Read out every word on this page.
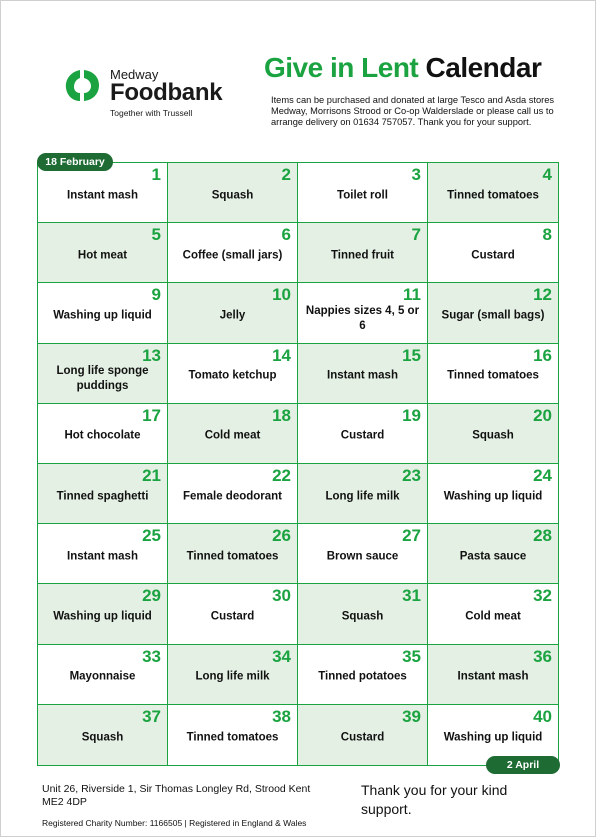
Medway
Foodbank
Together with Trussell
Give in Lent Calendar
Items can be purchased and donated at large Tesco and Asda stores Medway, Morrisons Strood or Co-op Walderslade or please call us to arrange delivery on 01634 757057. Thank you for your support.
1
Instant mash
2
Squash
3
Toilet roll
4
Tinned tomatoes
5
Hot meat
6
Coffee (small jars)
7
Tinned fruit
8
Custard
9
Washing up liquid
10
Jelly
11
Nappies sizes 4, 5 or 6
12
Sugar (small bags)
13
Long life sponge puddings
14
Tomato ketchup
15
Instant mash
16
Tinned tomatoes
17
Hot chocolate
18
Cold meat
19
Custard
20
Squash
21
Tinned spaghetti
22
Female deodorant
23
Long life milk
24
Washing up liquid
25
Instant mash
26
Tinned tomatoes
27
Brown sauce
28
Pasta sauce
29
Washing up liquid
30
Custard
31
Squash
32
Cold meat
33
Mayonnaise
34
Long life milk
35
Tinned potatoes
36
Instant mash
37
Squash
38
Tinned tomatoes
39
Custard
40
Washing up liquid
18 February
2 April
Unit 26, Riverside 1, Sir Thomas Longley Rd, Strood Kent ME2 4DP
Registered Charity Number: 1166505 | Registered in England & Wales
Thank you for your kind support.
